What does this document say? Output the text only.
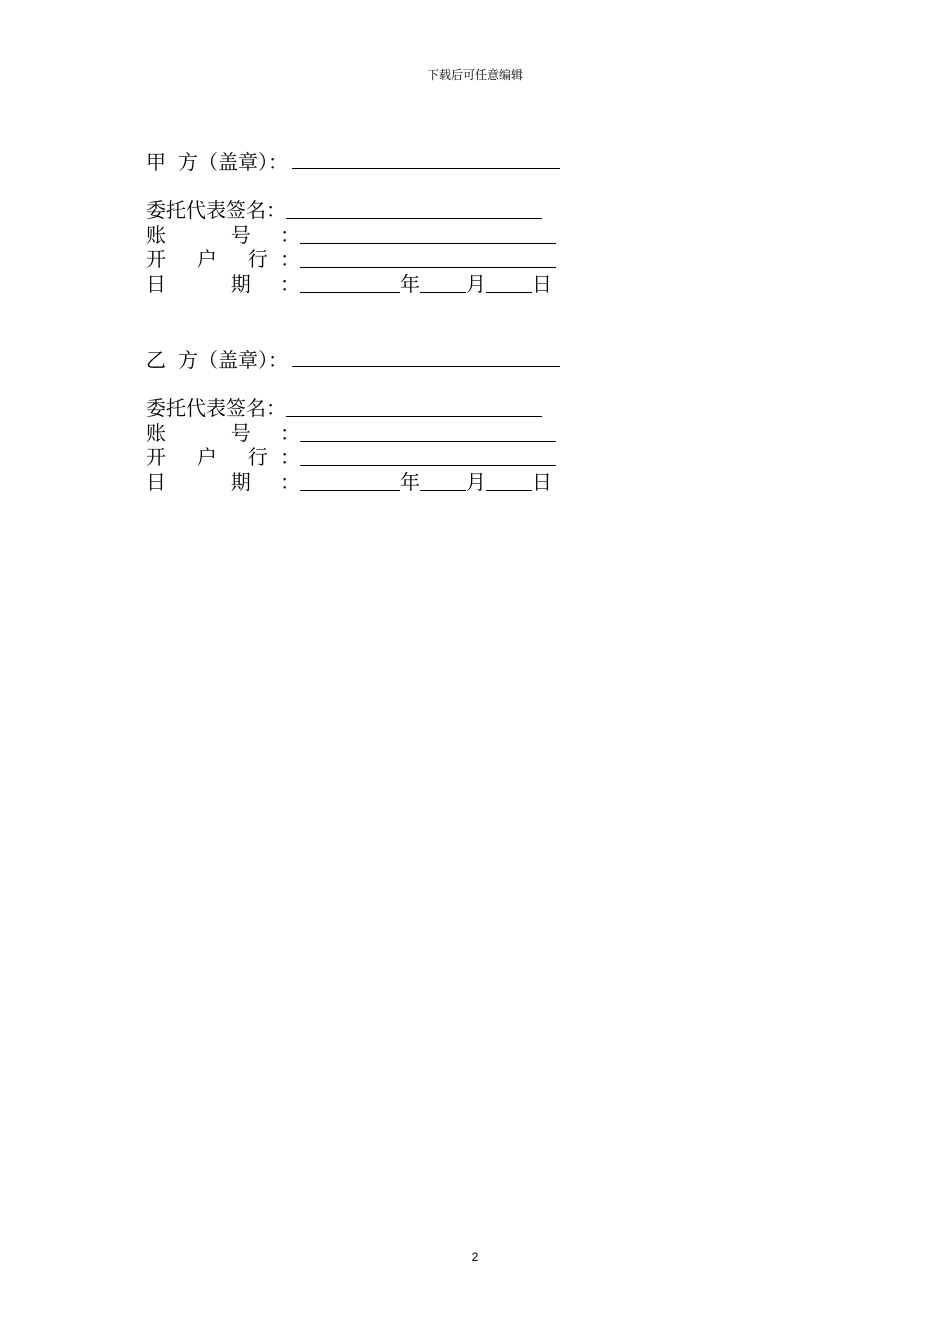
下载后可任意编辑
甲 方（盖章）：
委托代表签名：
账 号：
开 户 行：
日 期：	年 月 日
乙 方（盖章）：
委托代表签名：
账 号：
开 户 行：
日 期：	年 月 日
2
